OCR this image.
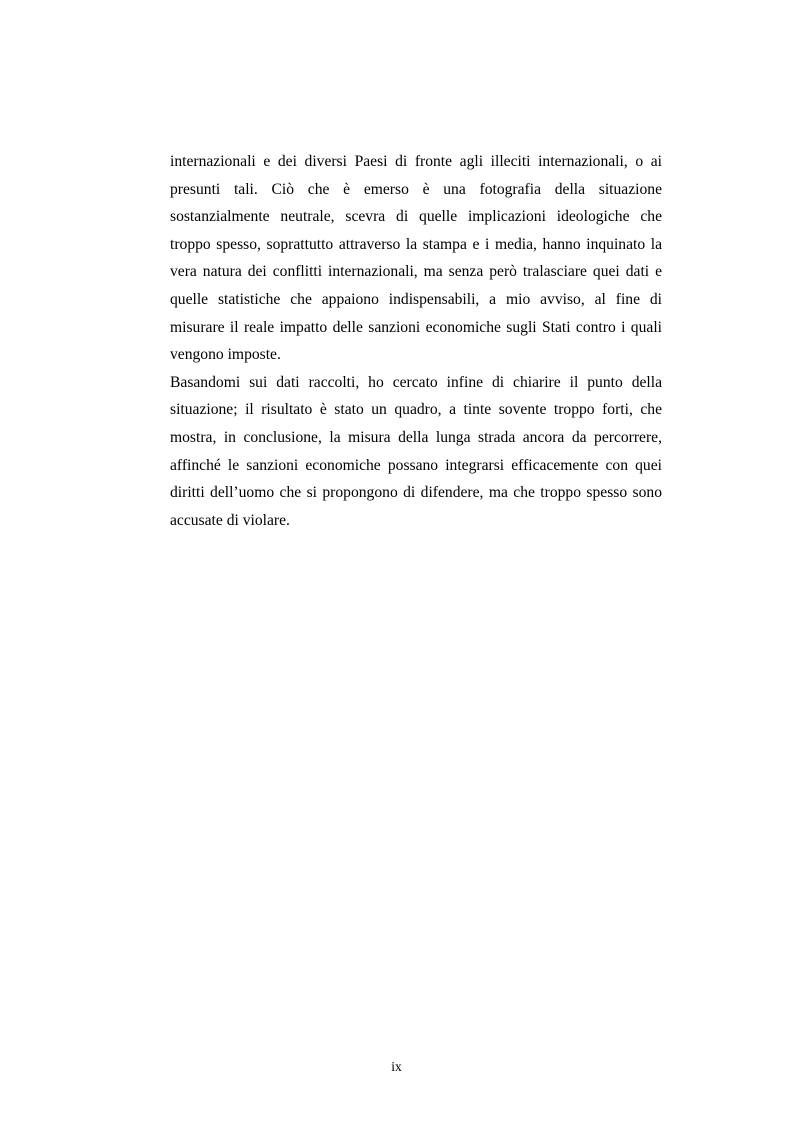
internazionali e dei diversi Paesi di fronte agli illeciti internazionali, o ai
presunti tali. Ciò che è emerso è una fotografia della situazione
sostanzialmente neutrale, scevra di quelle implicazioni ideologiche che
troppo spesso, soprattutto attraverso la stampa e i media, hanno inquinato la
vera natura dei conflitti internazionali, ma senza però tralasciare quei dati e
quelle statistiche che appaiono indispensabili, a mio avviso, al fine di
misurare il reale impatto delle sanzioni economiche sugli Stati contro i quali
vengono imposte.
Basandomi sui dati raccolti, ho cercato infine di chiarire il punto della
situazione; il risultato è stato un quadro, a tinte sovente troppo forti, che
mostra, in conclusione, la misura della lunga strada ancora da percorrere,
affinché le sanzioni economiche possano integrarsi efficacemente con quei
diritti dell’uomo che si propongono di difendere, ma che troppo spesso sono
accusate di violare.
ix
